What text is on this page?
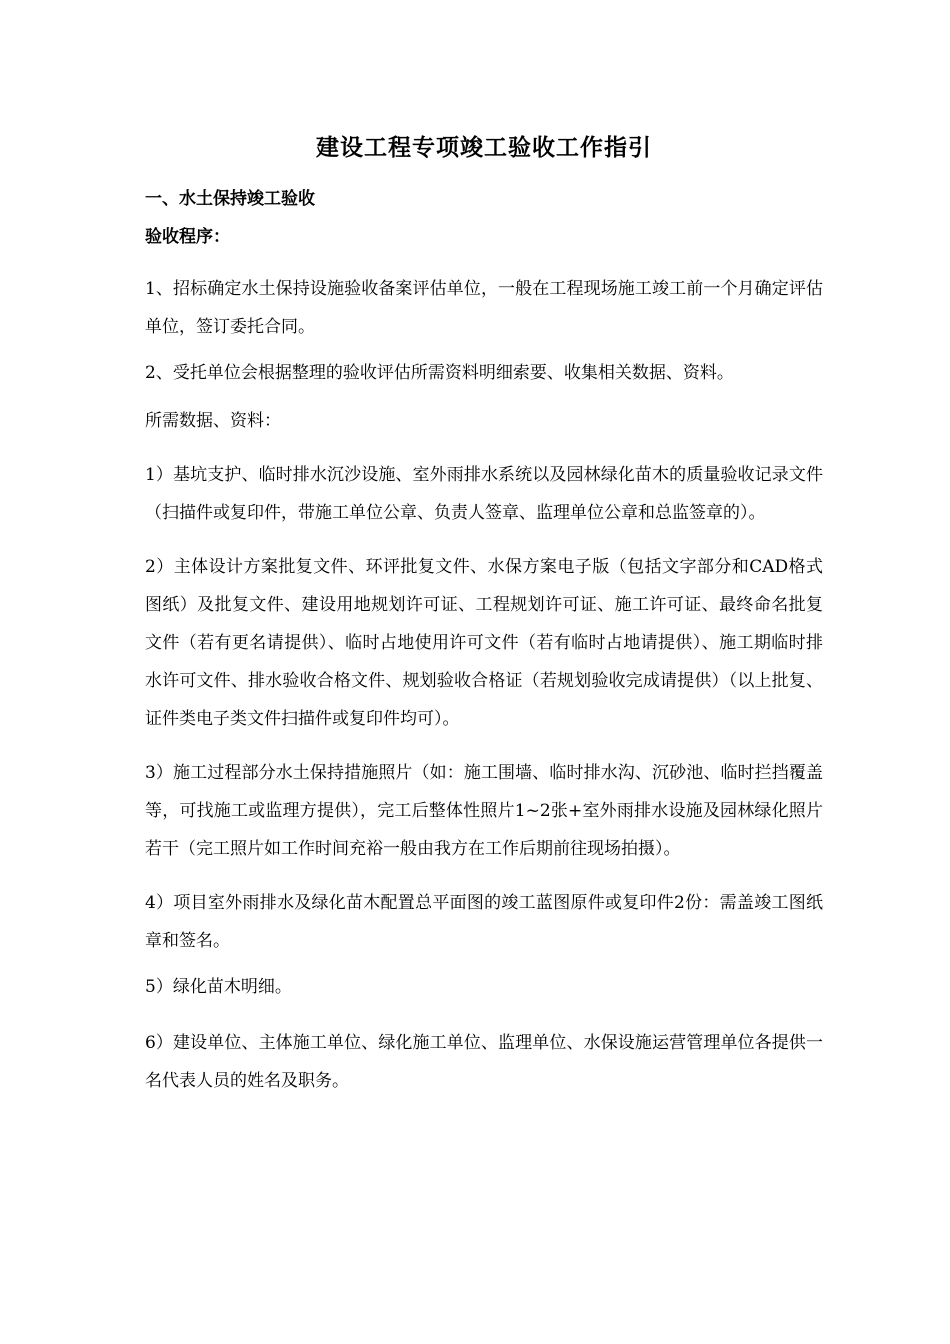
建设工程专项竣工验收工作指引
一、水土保持竣工验收
验收程序：

1、招标确定水土保持设施验收备案评估单位，一般在工程现场施工竣工前一个月确定评估单位，签订委托合同。

2、受托单位会根据整理的验收评估所需资料明细索要、收集相关数据、资料。

所需数据、资料：

1）基坑支护、临时排水沉沙设施、室外雨排水系统以及园林绿化苗木的质量验收记录文件（扫描件或复印件，带施工单位公章、负责人签章、监理单位公章和总监签章的）。

2）主体设计方案批复文件、环评批复文件、水保方案电子版（包括文字部分和CAD格式图纸）及批复文件、建设用地规划许可证、工程规划许可证、施工许可证、最终命名批复文件（若有更名请提供）、临时占地使用许可文件（若有临时占地请提供）、施工期临时排水许可文件、排水验收合格文件、规划验收合格证（若规划验收完成请提供）（以上批复、证件类电子类文件扫描件或复印件均可）。

3）施工过程部分水土保持措施照片（如：施工围墙、临时排水沟、沉砂池、临时拦挡覆盖等，可找施工或监理方提供），完工后整体性照片1~2张+室外雨排水设施及园林绿化照片若干（完工照片如工作时间充裕一般由我方在工作后期前往现场拍摄）。

4）项目室外雨排水及绿化苗木配置总平面图的竣工蓝图原件或复印件2份：需盖竣工图纸章和签名。

5）绿化苗木明细。

6）建设单位、主体施工单位、绿化施工单位、监理单位、水保设施运营管理单位各提供一名代表人员的姓名及职务。
